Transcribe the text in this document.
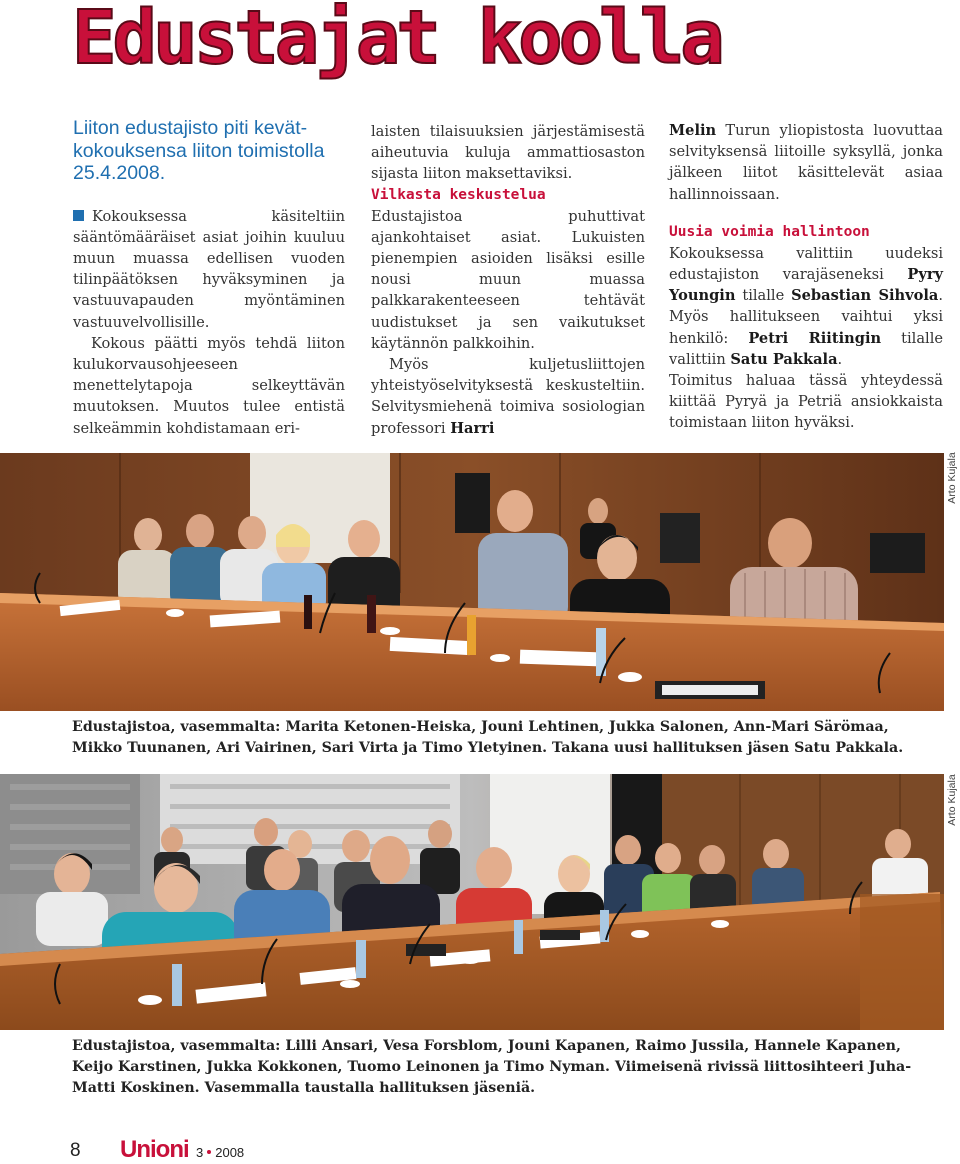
Edustajat koolla

Liiton edustajisto piti kevätkokouksensa liiton toimistolla 25.4.2008.

Kokouksessa käsiteltiin sääntömääräiset asiat joihin kuuluu muun muassa edellisen vuoden tilinpäätöksen hyväksyminen ja vastuuvapauden myöntäminen vastuuvelvollisille.

Kokous päätti myös tehdä liiton kulukorvausohjeeseen menettelytapoja selkeyttävän muutoksen. Muutos tulee entistä selkeämmin kohdistamaan eri-

laisten tilaisuuksien järjestämisestä aiheutuvia kuluja ammattiosaston sijasta liiton maksettaviksi.

Vilkasta keskustelua

Edustajistoa puhuttivat ajankohtaiset asiat. Lukuisten pienempien asioiden lisäksi esille nousi muun muassa palkkarakenteeseen tehtävät uudistukset ja sen vaikutukset käytännön palkkoihin.

Myös kuljetusliittojen yhteistyöselvityksestä keskusteltiin. Selvitysmiehenä toimiva sosiologian professori Harri

Melin Turun yliopistosta luovuttaa selvityksensä liitoille syksyllä, jonka jälkeen liitot käsittelevät asiaa hallinnoissaan.

Uusia voimia hallintoon

Kokouksessa valittiin uudeksi edustajiston varajäseneksi Pyry Youngin tilalle Sebastian Sihvola. Myös hallitukseen vaihtui yksi henkilö: Petri Riitingin tilalle valittiin Satu Pakkala.

Toimitus haluaa tässä yhteydessä kiittää Pyryä ja Petriä ansiokkaista toimistaan liiton hyväksi.

Arto Kujala

Edustajistoa, vasemmalta: Marita Ketonen-Heiska, Jouni Lehtinen, Jukka Salonen, Ann-Mari Särömaa, Mikko Tuunanen, Ari Vairinen, Sari Virta ja Timo Yletyinen. Takana uusi hallituksen jäsen Satu Pakkala.

Arto Kujala

Edustajistoa, vasemmalta: Lilli Ansari, Vesa Forsblom, Jouni Kapanen, Raimo Jussila, Hannele Kapanen, Keijo Karstinen, Jukka Kokkonen, Tuomo Leinonen ja Timo Nyman. Viimeisenä rivissä liittosihteeri Juha-Matti Koskinen. Vasemmalla taustalla hallituksen jäseniä.

8 Unioni 3 2008
